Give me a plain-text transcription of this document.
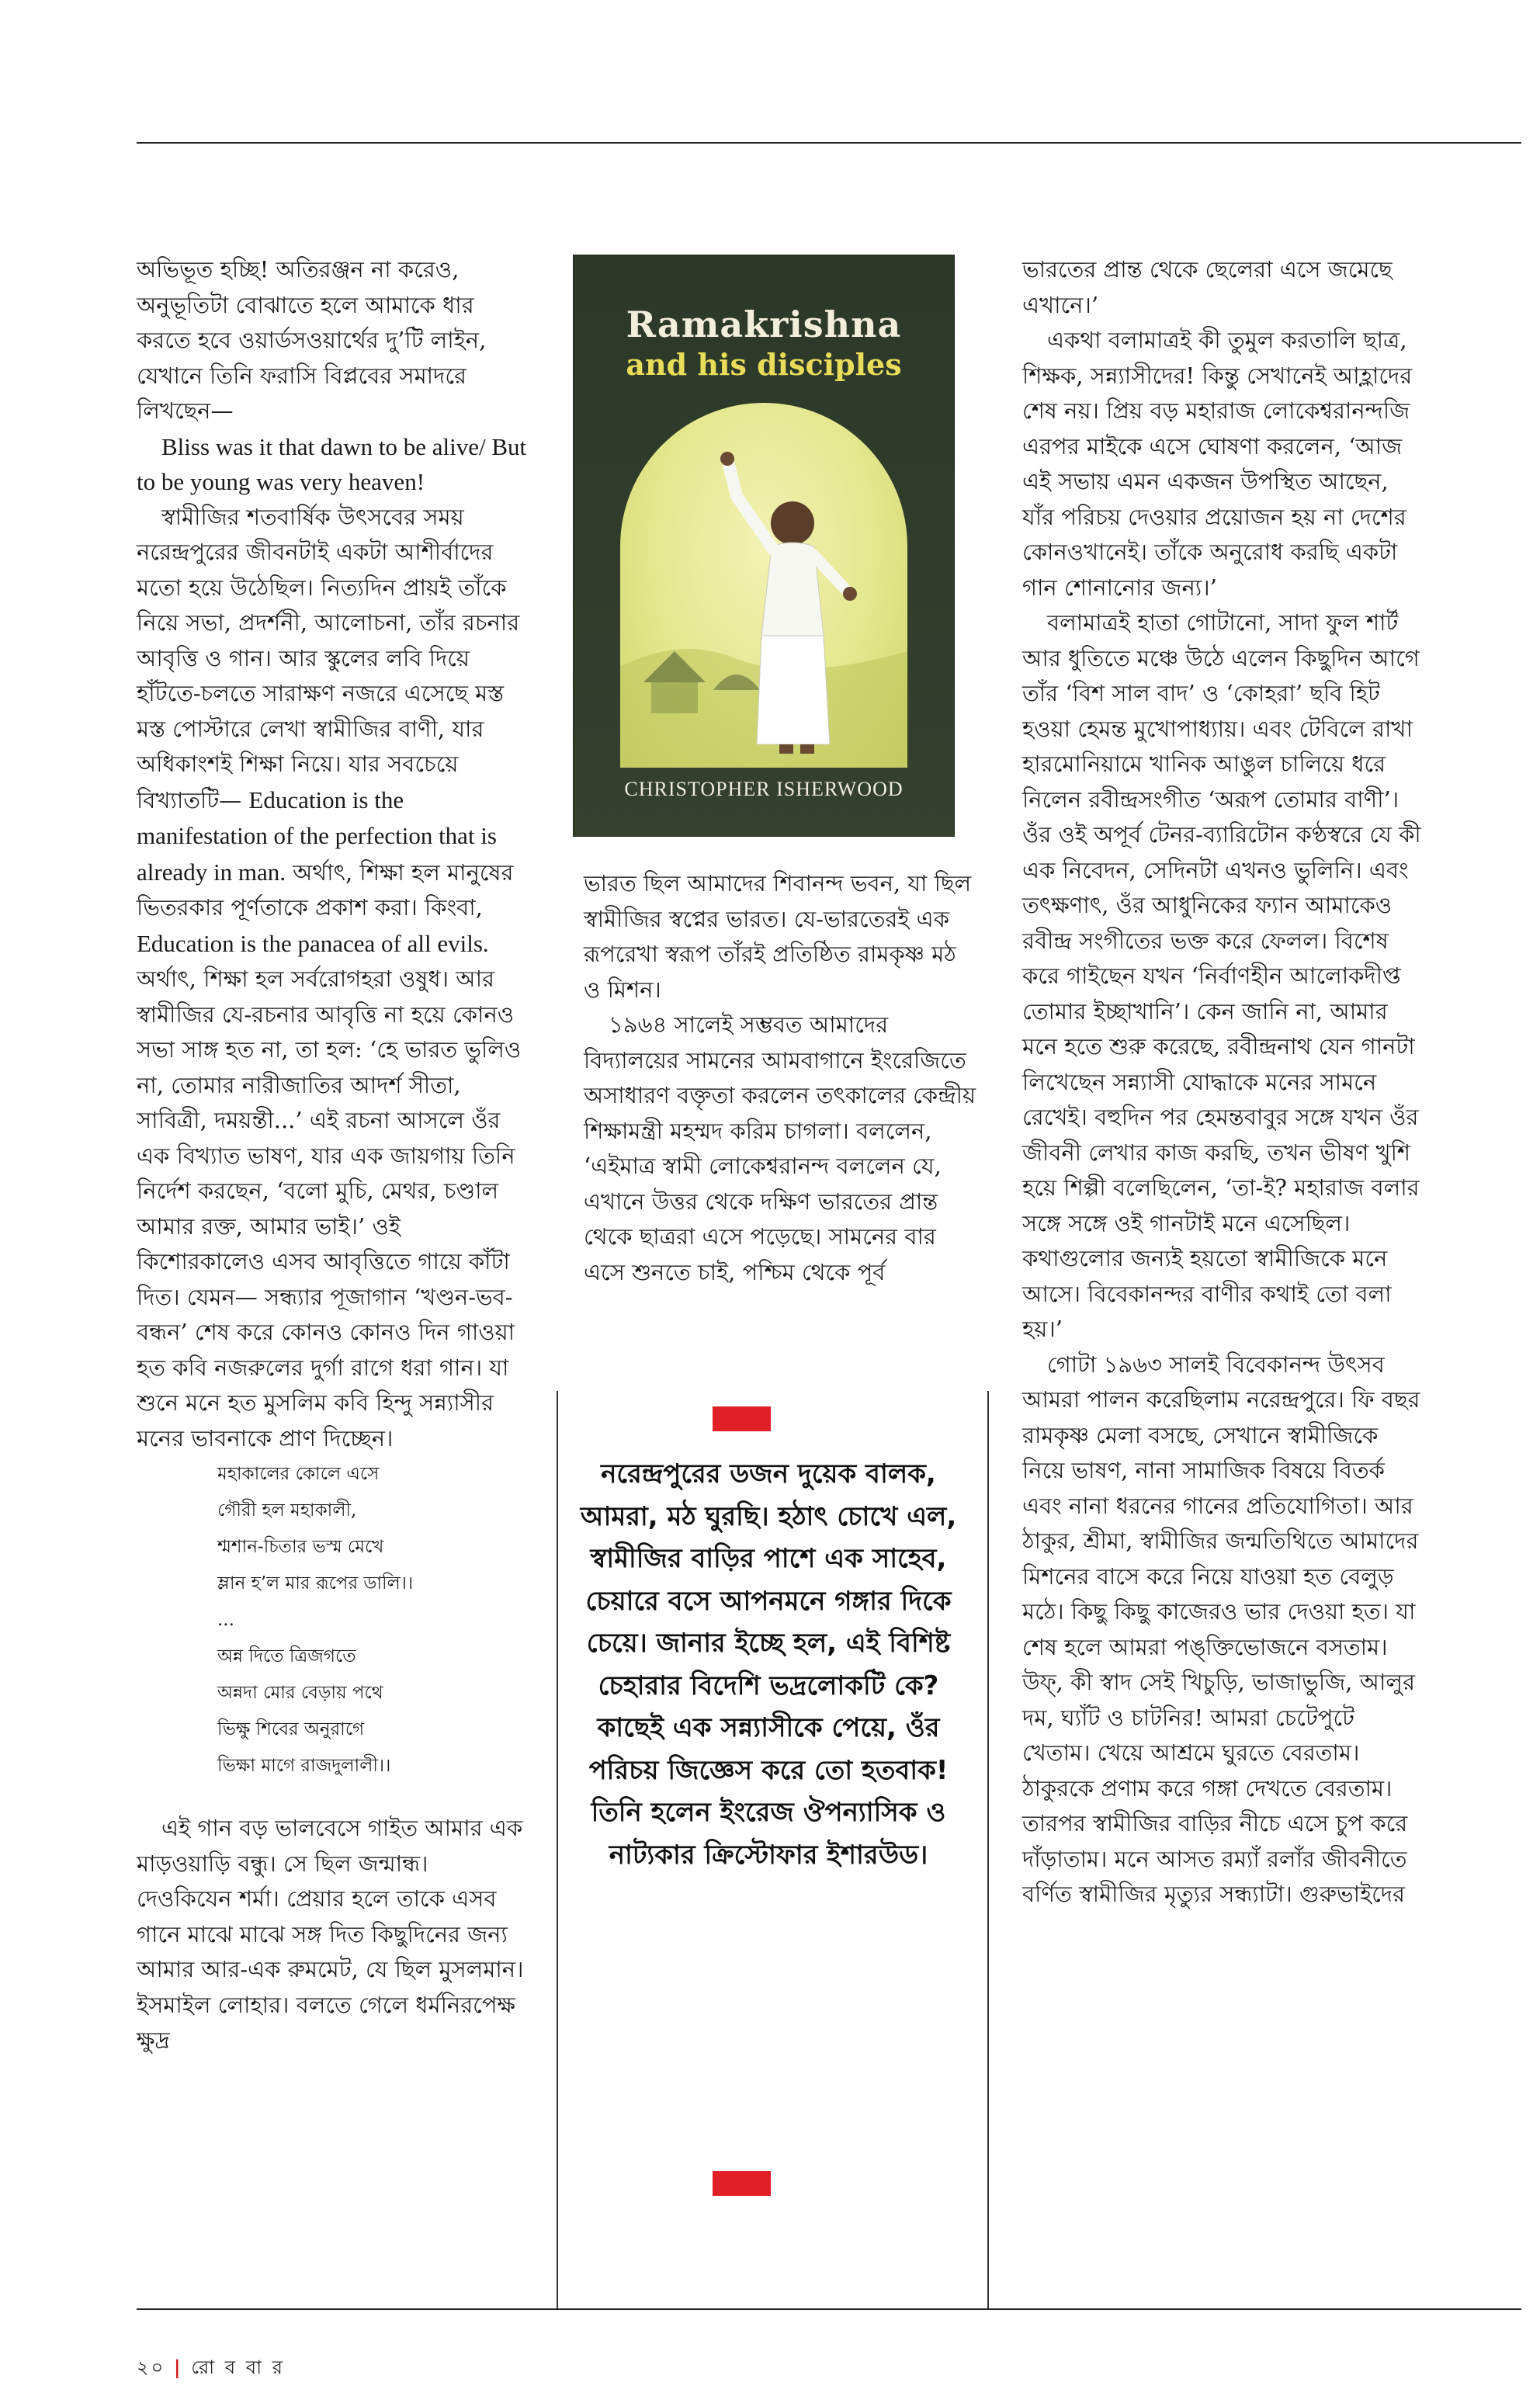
অভিভূত হচ্ছি! অতিরঞ্জন না করেও, অনুভূতিটা বোঝাতে হলে আমাকে ধার করতে হবে ওয়ার্ডসওয়ার্থের দু’টি লাইন,

যেখানে তিনি ফরাসি বিপ্লবের সমাদরে লিখছেন—

Bliss was it that dawn to be alive/ But to be young was very heaven!

স্বামীজির শতবার্ষিক উৎসবের সময় নরেন্দ্রপুরের জীবনটাই একটা আশীর্বাদের মতো হয়ে উঠেছিল। নিত্যদিন প্রায়ই তাঁকে নিয়ে সভা, প্রদর্শনী, আলোচনা, তাঁর রচনার আবৃত্তি ও গান। আর স্কুলের লবি দিয়ে হাঁটতে-চলতে সারাক্ষণ নজরে এসেছে মস্ত মস্ত পোস্টারে লেখা স্বামীজির বাণী, যার অধিকাংশই শিক্ষা নিয়ে। যার সবচেয়ে বিখ্যাতটি— Education is the manifestation of the perfection that is already in man. অর্থাৎ, শিক্ষা হল মানুষের ভিতরকার পূর্ণতাকে প্রকাশ করা। কিংবা, Education is the panacea of all evils. অর্থাৎ, শিক্ষা হল সর্বরোগহরা ওষুধ। আর স্বামীজির যে-রচনার আবৃত্তি না হয়ে কোনও সভা সাঙ্গ হত না, তা হল: ‘হে ভারত ভুলিও না, তোমার নারীজাতির আদর্শ সীতা, সাবিত্রী, দময়ন্তী...’ এই রচনা আসলে ওঁর এক বিখ্যাত ভাষণ, যার এক জায়গায় তিনি নির্দেশ করছেন, ‘বলো মুচি, মেথর, চণ্ডাল আমার রক্ত, আমার ভাই।’ ওই কিশোরকালেও এসব আবৃত্তিতে গায়ে কাঁটা দিত। যেমন— সন্ধ্যার পূজাগান ‘খণ্ডন-ভব-বন্ধন’ শেষ করে কোনও কোনও দিন গাওয়া হত কবি নজরুলের দুর্গা রাগে ধরা গান। যা শুনে মনে হত মুসলিম কবি হিন্দু সন্ন্যাসীর মনের ভাবনাকে প্রাণ দিচ্ছেন।

মহাকালের কোলে এসে
গৌরী হল মহাকালী,
শ্মশান-চিতার ভস্ম মেখে
ম্লান হ’ল মার রূপের ডালি।।
...
অন্ন দিতে ত্রিজগতে
অন্নদা মোর বেড়ায় পথে
ভিক্ষু শিবের অনুরাগে
ভিক্ষা মাগে রাজদুলালী।।

এই গান বড় ভালবেসে গাইত আমার এক মাড়ওয়াড়ি বন্ধু। সে ছিল জন্মান্ধ। দেওকিযেন শর্মা। প্রেয়ার হলে তাকে এসব গানে মাঝে মাঝে সঙ্গ দিত কিছুদিনের জন্য আমার আর-এক রুমমেট, যে ছিল মুসলমান। ইসমাইল লোহার। বলতে গেলে ধর্মনিরপেক্ষ ক্ষুদ্র

Ramakrishna
and his disciples
CHRISTOPHER ISHERWOOD

ভারত ছিল আমাদের শিবানন্দ ভবন, যা ছিল স্বামীজির স্বপ্নের ভারত। যে-ভারতেরই এক রূপরেখা স্বরূপ তাঁরই প্রতিষ্ঠিত রামকৃষ্ণ মঠ ও মিশন।

১৯৬৪ সালেই সম্ভবত আমাদের বিদ্যালয়ের সামনের আমবাগানে ইংরেজিতে অসাধারণ বক্তৃতা করলেন তৎকালের কেন্দ্রীয় শিক্ষামন্ত্রী মহম্মদ করিম চাগলা। বললেন, ‘এইমাত্র স্বামী লোকেশ্বরানন্দ বললেন যে, এখানে উত্তর থেকে দক্ষিণ ভারতের প্রান্ত থেকে ছাত্ররা এসে পড়েছে। সামনের বার এসে শুনতে চাই, পশ্চিম থেকে পূর্ব

নরেন্দ্রপুরের ডজন দুয়েক বালক, আমরা, মঠ ঘুরছি। হঠাৎ চোখে এল, স্বামীজির বাড়ির পাশে এক সাহেব, চেয়ারে বসে আপনমনে গঙ্গার দিকে চেয়ে। জানার ইচ্ছে হল, এই বিশিষ্ট চেহারার বিদেশি ভদ্রলোকটি কে? কাছেই এক সন্ন্যাসীকে পেয়ে, ওঁর পরিচয় জিজ্ঞেস করে তো হতবাক! তিনি হলেন ইংরেজ ঔপন্যাসিক ও নাট্যকার ক্রিস্টোফার ইশারউড।

ভারতের প্রান্ত থেকে ছেলেরা এসে জমেছে এখানে।’

একথা বলামাত্রই কী তুমুল করতালি ছাত্র, শিক্ষক, সন্ন্যাসীদের! কিন্তু সেখানেই আহ্লাদের শেষ নয়। প্রিয় বড় মহারাজ লোকেশ্বরানন্দজি এরপর মাইকে এসে ঘোষণা করলেন, ‘আজ এই সভায় এমন একজন উপস্থিত আছেন, যাঁর পরিচয় দেওয়ার প্রয়োজন হয় না দেশের কোনওখানেই। তাঁকে অনুরোধ করছি একটা গান শোনানোর জন্য।’

বলামাত্রই হাতা গোটানো, সাদা ফুল শার্ট আর ধুতিতে মঞ্চে উঠে এলেন কিছুদিন আগে তাঁর ‘বিশ সাল বাদ’ ও ‘কোহরা’ ছবি হিট হওয়া হেমন্ত মুখোপাধ্যায়। এবং টেবিলে রাখা হারমোনিয়ামে খানিক আঙুল চালিয়ে ধরে নিলেন রবীন্দ্রসংগীত ‘অরূপ তোমার বাণী’। ওঁর ওই অপূর্ব টেনর-ব্যারিটোন কণ্ঠস্বরে যে কী এক নিবেদন, সেদিনটা এখনও ভুলিনি। এবং তৎক্ষণাৎ, ওঁর আধুনিকের ফ্যান আমাকেও রবীন্দ্র সংগীতের ভক্ত করে ফেলল। বিশেষ করে গাইছেন যখন ‘নির্বাণহীন আলোকদীপ্ত তোমার ইচ্ছাখানি’। কেন জানি না, আমার মনে হতে শুরু করেছে, রবীন্দ্রনাথ যেন গানটা লিখেছেন সন্ন্যাসী যোদ্ধাকে মনের সামনে রেখেই। বহুদিন পর হেমন্তবাবুর সঙ্গে যখন ওঁর জীবনী লেখার কাজ করছি, তখন ভীষণ খুশি হয়ে শিল্পী বলেছিলেন, ‘তা-ই? মহারাজ বলার সঙ্গে সঙ্গে ওই গানটাই মনে এসেছিল। কথাগুলোর জন্যই হয়তো স্বামীজিকে মনে আসে। বিবেকানন্দর বাণীর কথাই তো বলা হয়।’

গোটা ১৯৬৩ সালই বিবেকানন্দ উৎসব আমরা পালন করেছিলাম নরেন্দ্রপুরে। ফি বছর রামকৃষ্ণ মেলা বসছে, সেখানে স্বামীজিকে নিয়ে ভাষণ, নানা সামাজিক বিষয়ে বিতর্ক এবং নানা ধরনের গানের প্রতিযোগিতা। আর ঠাকুর, শ্রীমা, স্বামীজির জন্মতিথিতে আমাদের মিশনের বাসে করে নিয়ে যাওয়া হত বেলুড় মঠে। কিছু কিছু কাজেরও ভার দেওয়া হত। যা শেষ হলে আমরা পঙ্‌ক্তিভোজনে বসতাম। উফ্‌, কী স্বাদ সেই খিচুড়ি, ভাজাভুজি, আলুর দম, ঘ্যাঁট ও চাটনির! আমরা চেটেপুটে খেতাম। খেয়ে আশ্রমে ঘুরতে বেরতাম। ঠাকুরকে প্রণাম করে গঙ্গা দেখতে বেরতাম। তারপর স্বামীজির বাড়ির নীচে এসে চুপ করে দাঁড়াতাম। মনে আসত রম্যাঁ রলাঁর জীবনীতে বর্ণিত স্বামীজির মৃত্যুর সন্ধ্যাটা। গুরুভাইদের

২০ | রো ব বা র
